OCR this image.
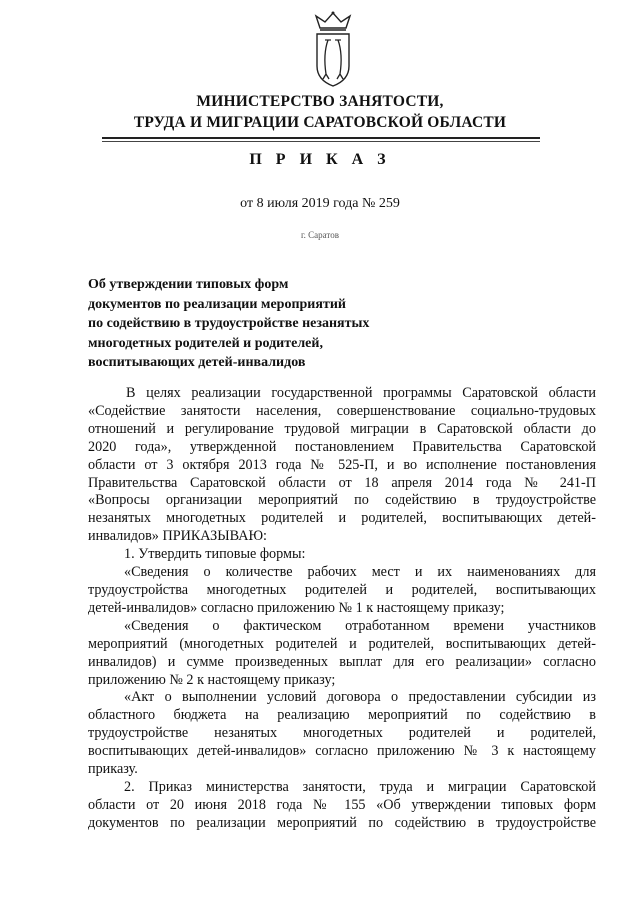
МИНИСТЕРСТВО ЗАНЯТОСТИ,
ТРУДА И МИГРАЦИИ САРАТОВСКОЙ ОБЛАСТИ
П Р И К А З
от 8 июля 2019 года № 259
г. Саратов
Об утверждении типовых форм
документов по реализации мероприятий
по содействию в трудоустройстве незанятых
многодетных родителей и родителей,
воспитывающих детей-инвалидов
В целях реализации государственной программы Саратовской области
«Содействие занятости населения, совершенствование социально-трудовых
отношений и регулирование трудовой миграции в Саратовской области до
2020 года», утвержденной постановлением Правительства Саратовской
области от 3 октября 2013 года № 525-П, и во исполнение постановления
Правительства Саратовской области от 18 апреля 2014 года № 241-П
«Вопросы организации мероприятий по содействию в трудоустройстве
незанятых многодетных родителей и родителей, воспитывающих детей-
инвалидов» ПРИКАЗЫВАЮ:
1. Утвердить типовые формы:
«Сведения о количестве рабочих мест и их наименованиях для
трудоустройства многодетных родителей и родителей, воспитывающих
детей-инвалидов» согласно приложению № 1 к настоящему приказу;
«Сведения о фактическом отработанном времени участников
мероприятий (многодетных родителей и родителей, воспитывающих детей-
инвалидов) и сумме произведенных выплат для его реализации» согласно
приложению № 2 к настоящему приказу;
«Акт о выполнении условий договора о предоставлении субсидии из
областного бюджета на реализацию мероприятий по содействию в
трудоустройстве незанятых многодетных родителей и родителей,
воспитывающих детей-инвалидов» согласно приложению № 3 к настоящему
приказу.
2. Приказ министерства занятости, труда и миграции Саратовской
области от 20 июня 2018 года № 155 «Об утверждении типовых форм
документов по реализации мероприятий по содействию в трудоустройстве
